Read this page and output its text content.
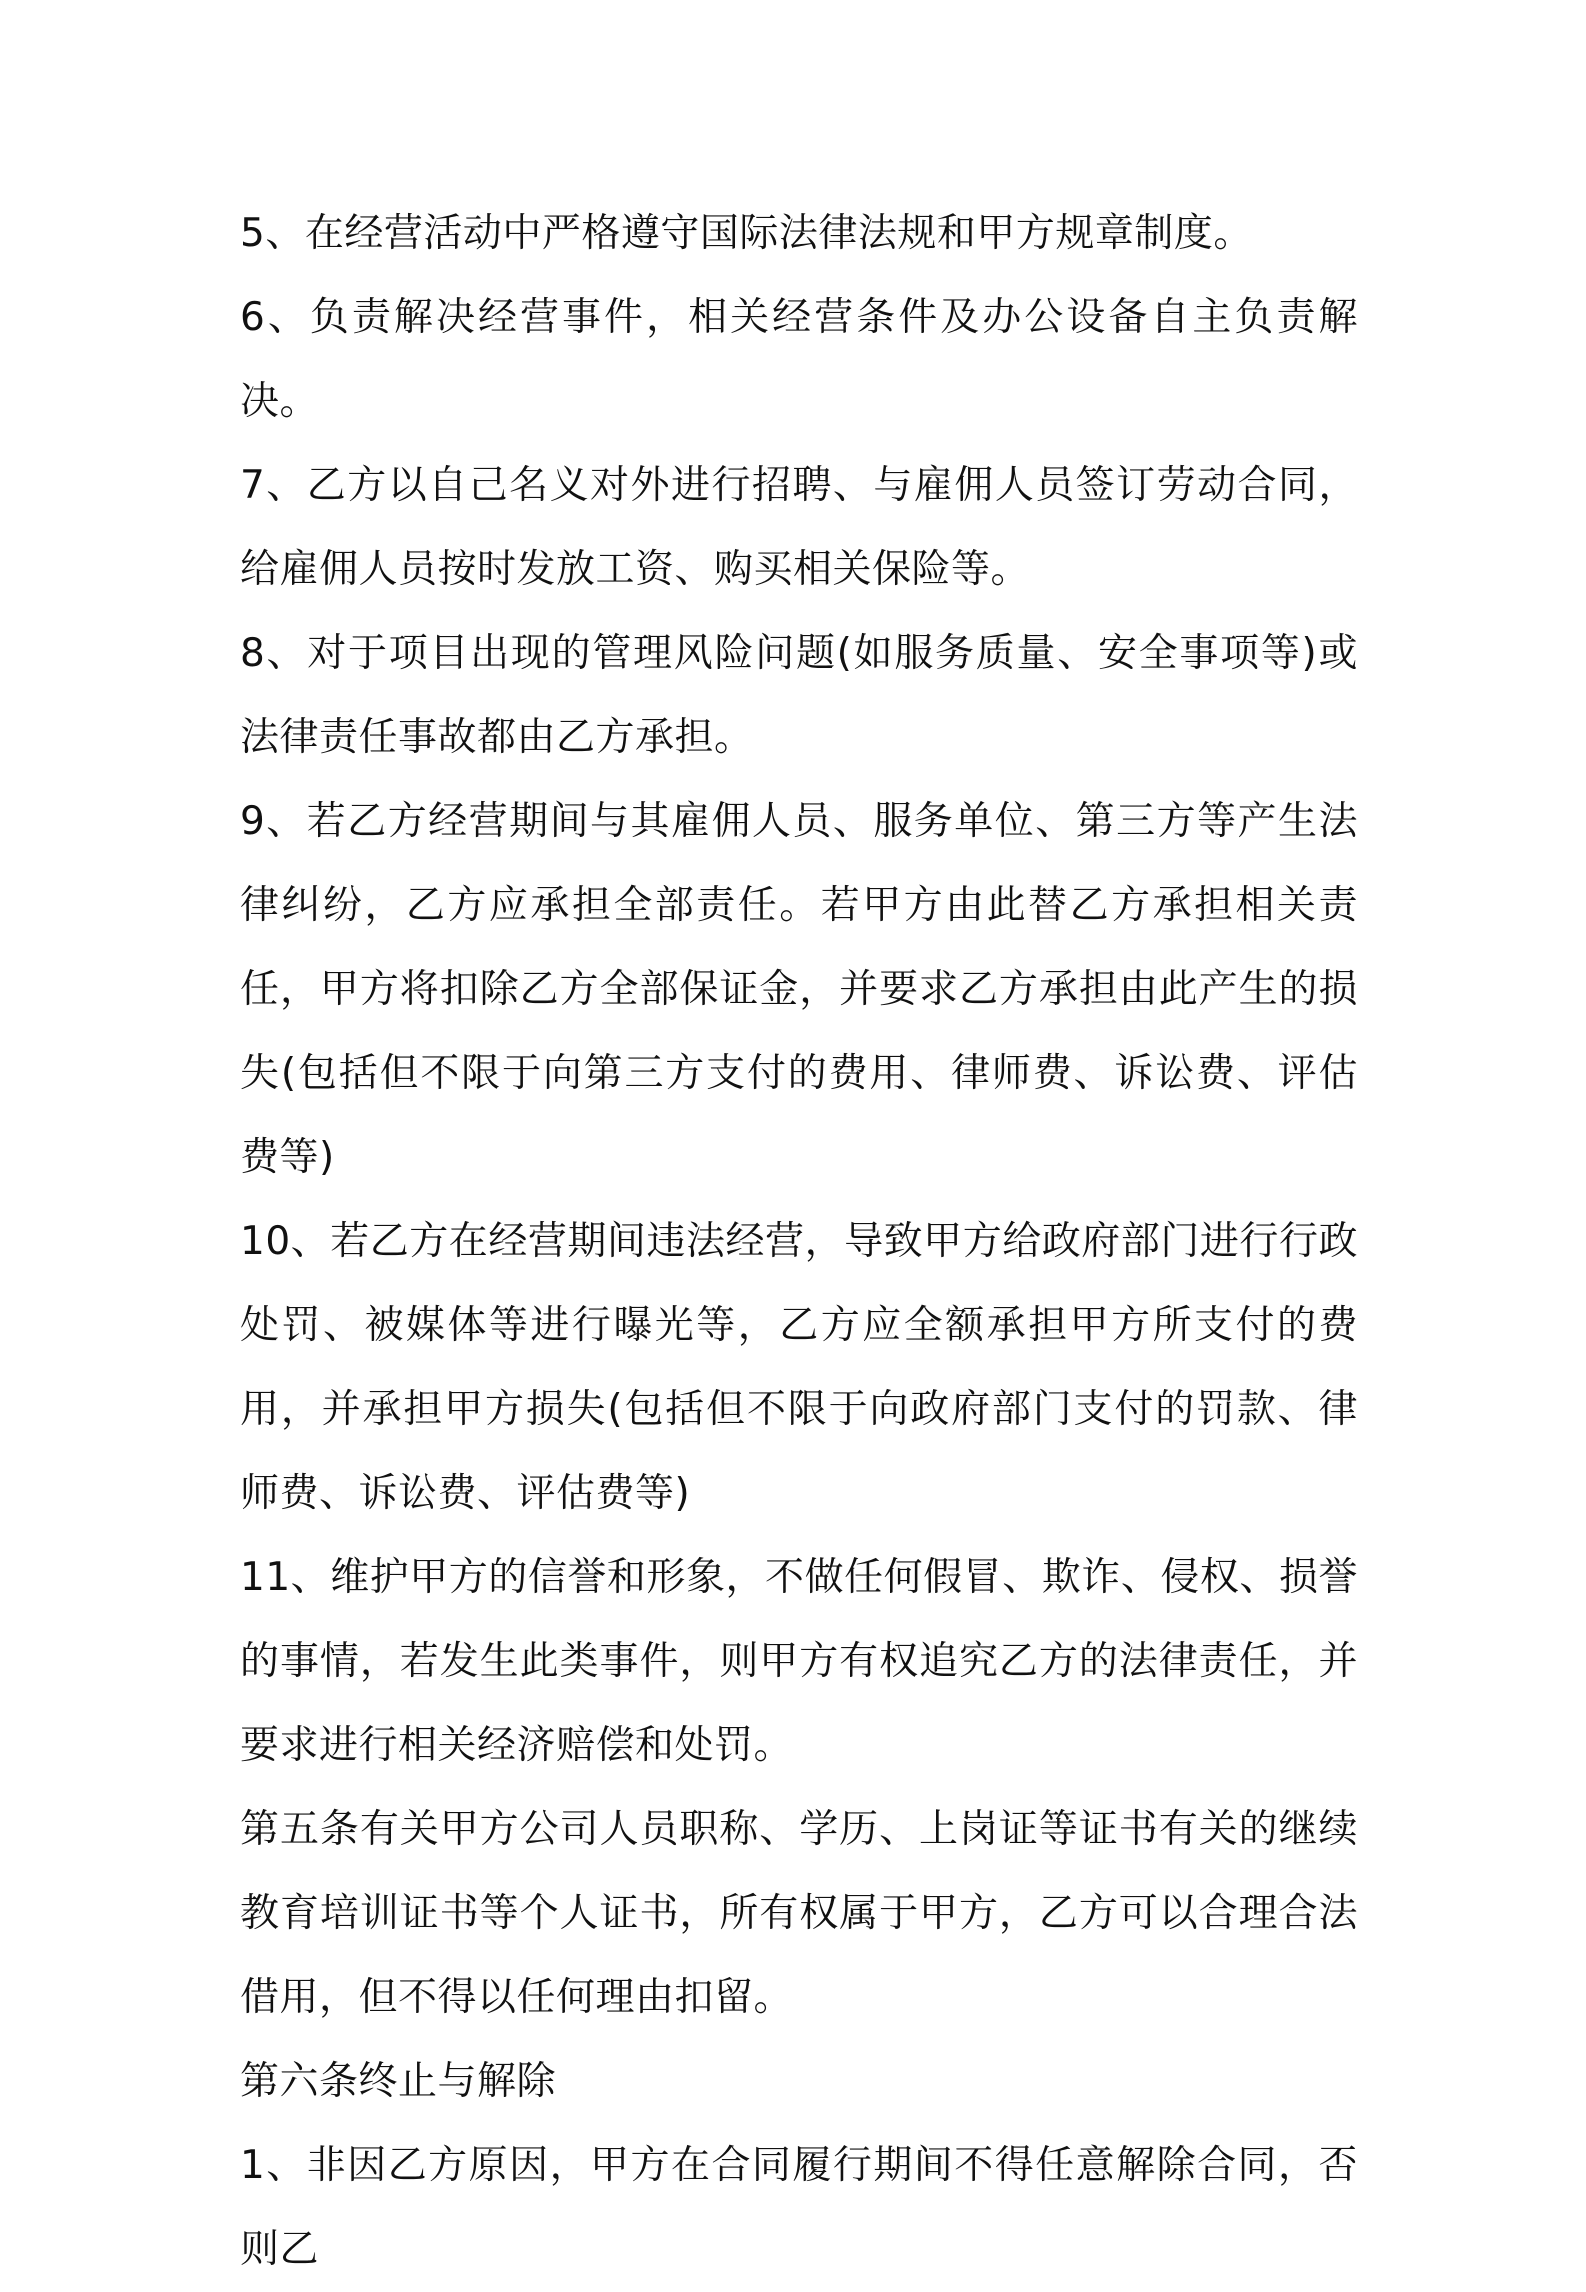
5、在经营活动中严格遵守国际法律法规和甲方规章制度。

6、负责解决经营事件，相关经营条件及办公设备自主负责解决。

7、乙方以自己名义对外进行招聘、与雇佣人员签订劳动合同，给雇佣人员按时发放工资、购买相关保险等。

8、对于项目出现的管理风险问题(如服务质量、安全事项等)或法律责任事故都由乙方承担。

9、若乙方经营期间与其雇佣人员、服务单位、第三方等产生法律纠纷，乙方应承担全部责任。若甲方由此替乙方承担相关责任，甲方将扣除乙方全部保证金，并要求乙方承担由此产生的损失(包括但不限于向第三方支付的费用、律师费、诉讼费、评估费等)

10、若乙方在经营期间违法经营，导致甲方给政府部门进行行政处罚、被媒体等进行曝光等，乙方应全额承担甲方所支付的费用，并承担甲方损失(包括但不限于向政府部门支付的罚款、律师费、诉讼费、评估费等)

11、维护甲方的信誉和形象，不做任何假冒、欺诈、侵权、损誉的事情，若发生此类事件，则甲方有权追究乙方的法律责任，并要求进行相关经济赔偿和处罚。

第五条有关甲方公司人员职称、学历、上岗证等证书有关的继续教育培训证书等个人证书，所有权属于甲方，乙方可以合理合法借用，但不得以任何理由扣留。

第六条终止与解除

1、非因乙方原因，甲方在合同履行期间不得任意解除合同，否则乙
